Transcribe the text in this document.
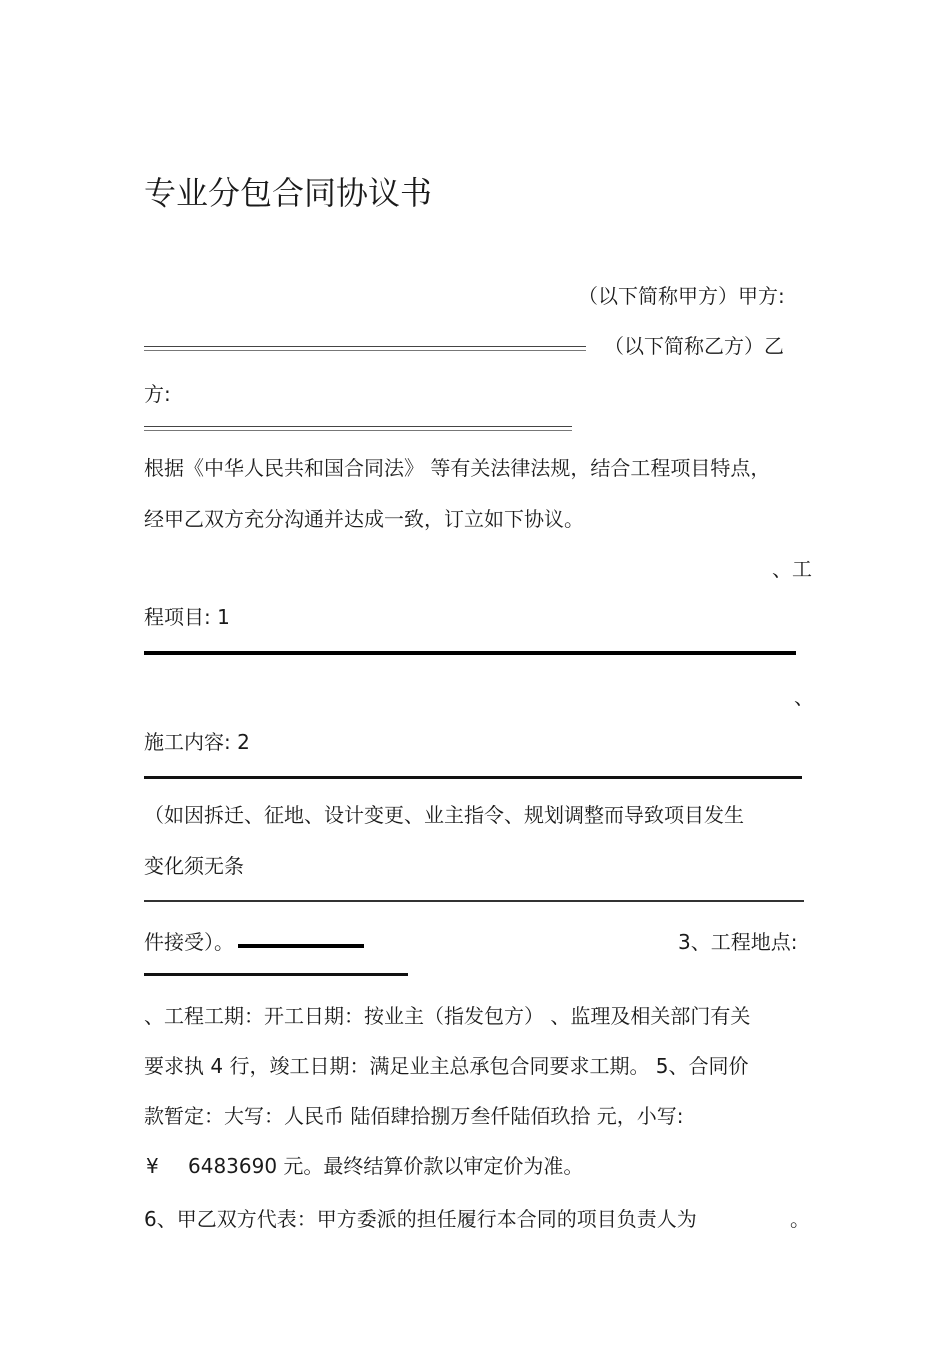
专业分包合同协议书
（以下简称甲方）甲方:
（以下简称乙方）乙
方:
根据《中华人民共和国合同法》 等有关法律法规，结合工程项目特点，
经甲乙双方充分沟通并达成一致，订立如下协议。
、工
程项目: 1
、
施工内容: 2
（如因拆迁、征地、设计变更、业主指令、规划调整而导致项目发生
变化须无条
件接受）。	3、工程地点:
、工程工期：开工日期：按业主（指发包方） 、监理及相关部门有关
要求执 4 行，竣工日期：满足业主总承包合同要求工期。 5、合同价
款暂定：大写：人民币 陆佰肆拾捌万叁仟陆佰玖拾 元，小写:
¥ 6483690 元。最终结算价款以审定价为准。
6、甲乙双方代表：甲方委派的担任履行本合同的项目负责人为	。
